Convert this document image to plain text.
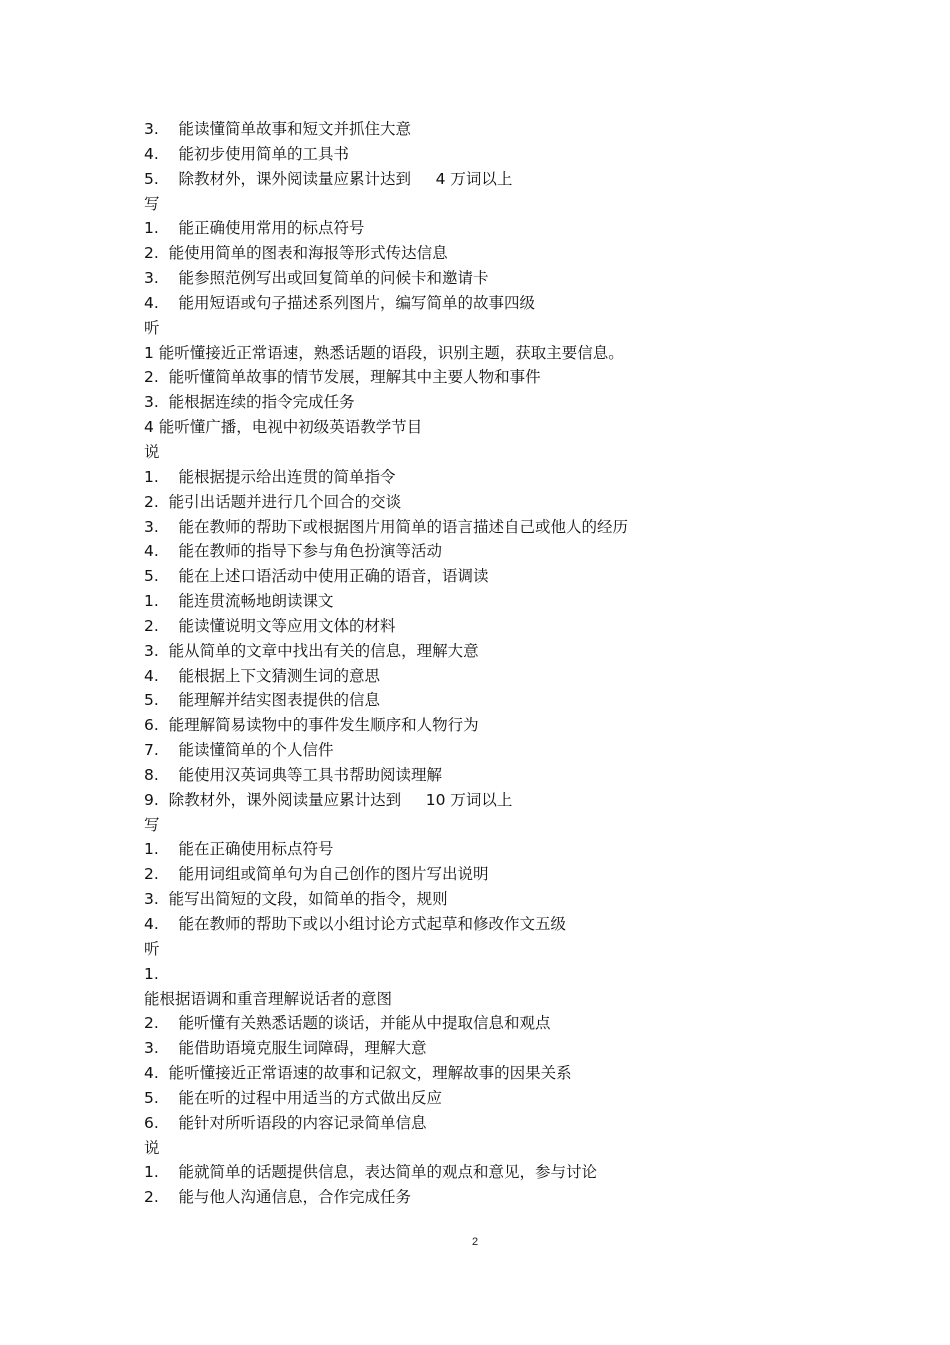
3.    能读懂简单故事和短文并抓住大意
4.    能初步使用简单的工具书
5.    除教材外，课外阅读量应累计达到     4 万词以上
写
1.    能正确使用常用的标点符号
2.  能使用简单的图表和海报等形式传达信息
3.    能参照范例写出或回复简单的问候卡和邀请卡
4.    能用短语或句子描述系列图片，编写简单的故事四级
听
1 能听懂接近正常语速，熟悉话题的语段，识别主题，获取主要信息。
2.  能听懂简单故事的情节发展，理解其中主要人物和事件
3.  能根据连续的指令完成任务
4 能听懂广播，电视中初级英语教学节目
说
1.    能根据提示给出连贯的简单指令
2.  能引出话题并进行几个回合的交谈
3.    能在教师的帮助下或根据图片用简单的语言描述自己或他人的经历
4.    能在教师的指导下参与角色扮演等活动
5.    能在上述口语活动中使用正确的语音，语调读
1.    能连贯流畅地朗读课文
2.    能读懂说明文等应用文体的材料
3.  能从简单的文章中找出有关的信息，理解大意
4.    能根据上下文猜测生词的意思
5.    能理解并结实图表提供的信息
6.  能理解简易读物中的事件发生顺序和人物行为
7.    能读懂简单的个人信件
8.    能使用汉英词典等工具书帮助阅读理解
9.  除教材外，课外阅读量应累计达到     10 万词以上
写
1.    能在正确使用标点符号
2.    能用词组或简单句为自己创作的图片写出说明
3.  能写出简短的文段，如简单的指令，规则
4.    能在教师的帮助下或以小组讨论方式起草和修改作文五级
听
1.
能根据语调和重音理解说话者的意图
2.    能听懂有关熟悉话题的谈话，并能从中提取信息和观点
3.    能借助语境克服生词障碍，理解大意
4.  能听懂接近正常语速的故事和记叙文，理解故事的因果关系
5.    能在听的过程中用适当的方式做出反应
6.    能针对所听语段的内容记录简单信息
说
1.    能就简单的话题提供信息，表达简单的观点和意见，参与讨论
2.    能与他人沟通信息，合作完成任务
2
